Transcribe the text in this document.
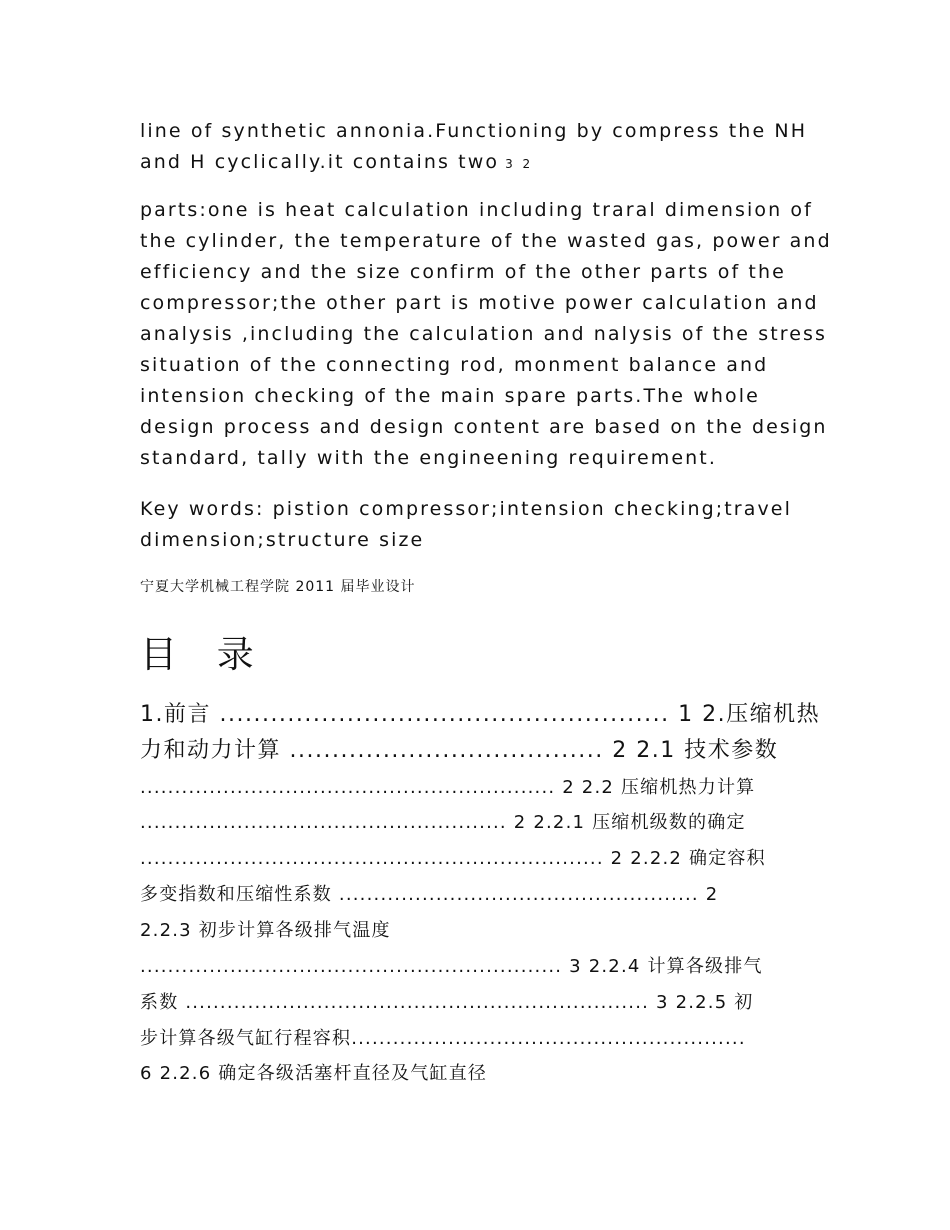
line of synthetic annonia.Functioning by compress the NH

and H cyclically.it contains two 3 2

parts:one is heat calculation including traral dimension of

the cylinder, the temperature of the wasted gas, power and

efficiency and the size confirm of the other parts of the

compressor;the other part is motive power calculation and

analysis ,including the calculation and nalysis of the stress

situation of the connecting rod, monment balance and

intension checking of the main spare parts.The whole

design process and design content are based on the design

standard, tally with the engineening requirement.

Key words: pistion compressor;intension checking;travel

dimension;structure size

宁夏大学机械工程学院 2011 届毕业设计
目 录
1.前言 ..................................................... 1 2.压缩机热
力和动力计算 ..................................... 2 2.1 技术参数
............................................................ 2 2.2 压缩机热力计算
..................................................... 2 2.2.1 压缩机级数的确定
................................................................... 2 2.2.2 确定容积
多变指数和压缩性系数 .................................................... 2
2.2.3 初步计算各级排气温度
............................................................. 3 2.2.4 计算各级排气
系数 ................................................................... 3 2.2.5 初
步计算各级气缸行程容积.........................................................
6 2.2.6 确定各级活塞杆直径及气缸直径
